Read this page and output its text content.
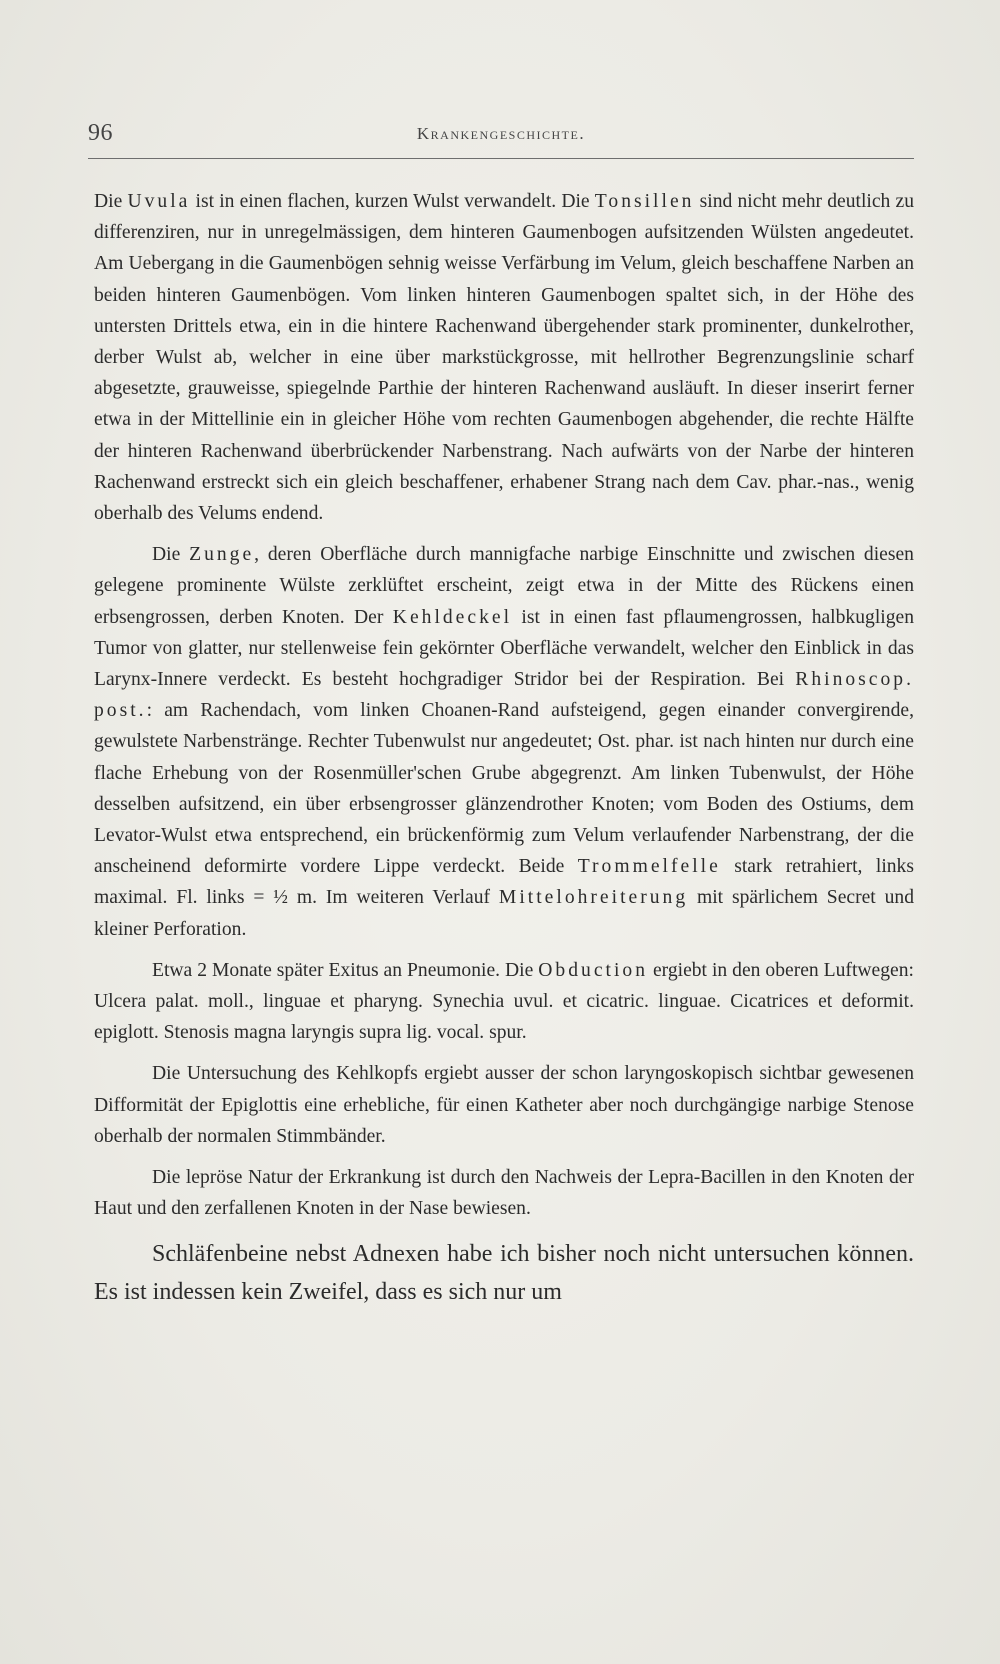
96	Krankengeschichte.

Die Uvula ist in einen flachen, kurzen Wulst verwandelt. Die Tonsillen sind nicht mehr deutlich zu differenziren, nur in unregelmässigen, dem hinteren Gaumenbogen aufsitzenden Wülsten angedeutet. Am Uebergang in die Gaumenbögen sehnig weisse Verfärbung im Velum, gleich beschaffene Narben an beiden hinteren Gaumenbögen. Vom linken hinteren Gaumenbogen spaltet sich, in der Höhe des untersten Drittels etwa, ein in die hintere Rachenwand übergehender stark prominenter, dunkelrother, derber Wulst ab, welcher in eine über markstückgrosse, mit hellrother Begrenzungslinie scharf abgesetzte, grauweisse, spiegelnde Parthie der hinteren Rachenwand ausläuft. In dieser inserirt ferner etwa in der Mittellinie ein in gleicher Höhe vom rechten Gaumenbogen abgehender, die rechte Hälfte der hinteren Rachenwand überbrückender Narbenstrang. Nach aufwärts von der Narbe der hinteren Rachenwand erstreckt sich ein gleich beschaffener, erhabener Strang nach dem Cav. phar.-nas., wenig oberhalb des Velums endend.

Die Zunge, deren Oberfläche durch mannigfache narbige Einschnitte und zwischen diesen gelegene prominente Wülste zerklüftet erscheint, zeigt etwa in der Mitte des Rückens einen erbsengrossen, derben Knoten. Der Kehldeckel ist in einen fast pflaumengrossen, halbkugligen Tumor von glatter, nur stellenweise fein gekörnter Oberfläche verwandelt, welcher den Einblick in das Larynx-Innere verdeckt. Es besteht hochgradiger Stridor bei der Respiration. Bei Rhinoscop. post.: am Rachendach, vom linken Choanen-Rand aufsteigend, gegen einander convergirende, gewulstete Narbenstränge. Rechter Tubenwulst nur angedeutet; Ost. phar. ist nach hinten nur durch eine flache Erhebung von der Rosenmüller'schen Grube abgegrenzt. Am linken Tubenwulst, der Höhe desselben aufsitzend, ein über erbsengrosser glänzendrother Knoten; vom Boden des Ostiums, dem Levator-Wulst etwa entsprechend, ein brückenförmig zum Velum verlaufender Narbenstrang, der die anscheinend deformirte vordere Lippe verdeckt. Beide Trommelfelle stark retrahiert, links maximal. Fl. links = ½ m. Im weiteren Verlauf Mittelohreiterung mit spärlichem Secret und kleiner Perforation.

Etwa 2 Monate später Exitus an Pneumonie. Die Obduction ergiebt in den oberen Luftwegen: Ulcera palat. moll., linguae et pharyng. Synechia uvul. et cicatric. linguae. Cicatrices et deformit. epiglott. Stenosis magna laryngis supra lig. vocal. spur.

Die Untersuchung des Kehlkopfs ergiebt ausser der schon laryngoskopisch sichtbar gewesenen Difformität der Epiglottis eine erhebliche, für einen Katheter aber noch durchgängige narbige Stenose oberhalb der normalen Stimmbänder.

Die lepröse Natur der Erkrankung ist durch den Nachweis der Lepra-Bacillen in den Knoten der Haut und den zerfallenen Knoten in der Nase bewiesen.

Schläfenbeine nebst Adnexen habe ich bisher noch nicht untersuchen können. Es ist indessen kein Zweifel, dass es sich nur um
